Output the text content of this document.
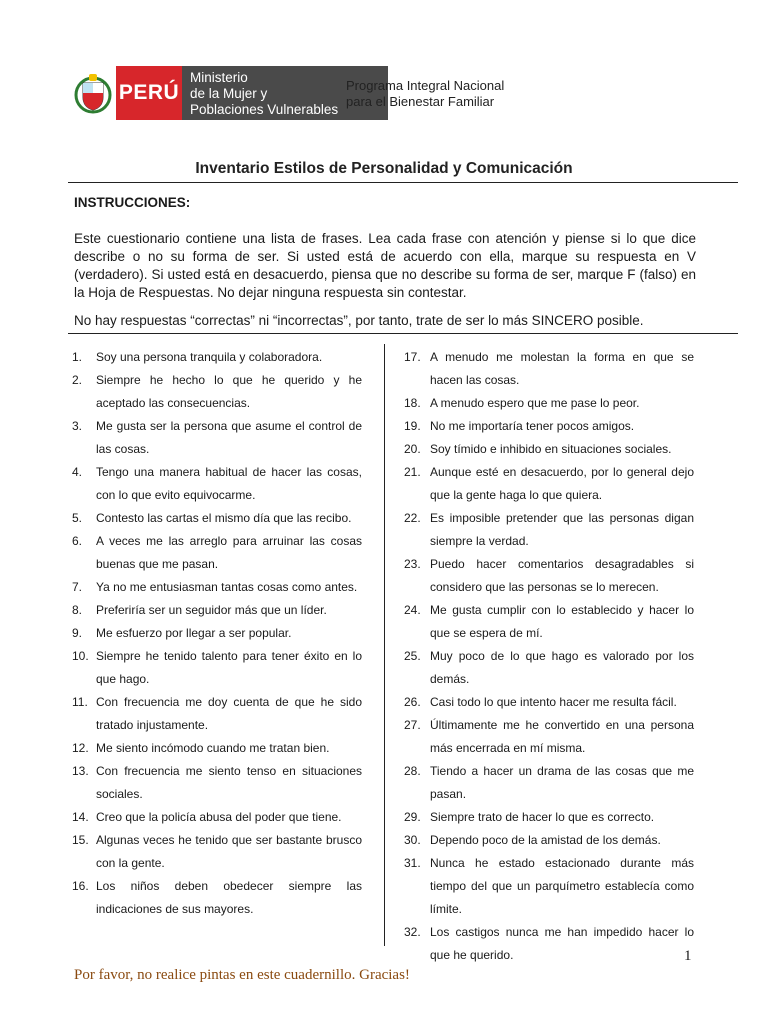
PERÚ
Ministerio
de la Mujer y
Poblaciones Vulnerables
Programa Integral Nacional
para el Bienestar Familiar
Inventario Estilos de Personalidad y Comunicación
INSTRUCCIONES:
Este cuestionario contiene una lista de frases. Lea cada frase con atención y piense si lo que dice describe o no su forma de ser. Si usted está de acuerdo con ella, marque su respuesta en V (verdadero). Si usted está en desacuerdo, piensa que no describe su forma de ser, marque F (falso) en la Hoja de Respuestas. No dejar ninguna respuesta sin contestar.
No hay respuestas “correctas” ni “incorrectas”, por tanto, trate de ser lo más SINCERO posible.
1.	Soy una persona tranquila y colaboradora.
2.	Siempre he hecho lo que he querido y he aceptado las consecuencias.
3.	Me gusta ser la persona que asume el control de las cosas.
4.	Tengo una manera habitual de hacer las cosas, con lo que evito equivocarme.
5.	Contesto las cartas el mismo día que las recibo.
6.	A veces me las arreglo para arruinar las cosas buenas que me pasan.
7.	Ya no me entusiasman tantas cosas como antes.
8.	Preferiría ser un seguidor más que un líder.
9.	Me esfuerzo por llegar a ser popular.
10. Siempre he tenido talento para tener éxito en lo que hago.
11. Con frecuencia me doy cuenta de que he sido tratado injustamente.
12. Me siento incómodo cuando me tratan bien.
13. Con frecuencia me siento tenso en situaciones sociales.
14. Creo que la policía abusa del poder que tiene.
15. Algunas veces he tenido que ser bastante brusco con la gente.
16. Los niños deben obedecer siempre las indicaciones de sus mayores.
17. A menudo me molestan la forma en que se hacen las cosas.
18. A menudo espero que me pase lo peor.
19. No me importaría tener pocos amigos.
20. Soy tímido e inhibido en situaciones sociales.
21. Aunque esté en desacuerdo, por lo general dejo que la gente haga lo que quiera.
22. Es imposible pretender que las personas digan siempre la verdad.
23. Puedo hacer comentarios desagradables si considero que las personas se lo merecen.
24. Me gusta cumplir con lo establecido y hacer lo que se espera de mí.
25. Muy poco de lo que hago es valorado por los demás.
26. Casi todo lo que intento hacer me resulta fácil.
27. Últimamente me he convertido en una persona más encerrada en mí misma.
28. Tiendo a hacer un drama de las cosas que me pasan.
29. Siempre trato de hacer lo que es correcto.
30. Dependo poco de la amistad de los demás.
31. Nunca he estado estacionado durante más tiempo del que un parquímetro establecía como límite.
32. Los castigos nunca me han impedido hacer lo que he querido.	1
Por favor, no realice pintas en este cuadernillo. Gracias!
